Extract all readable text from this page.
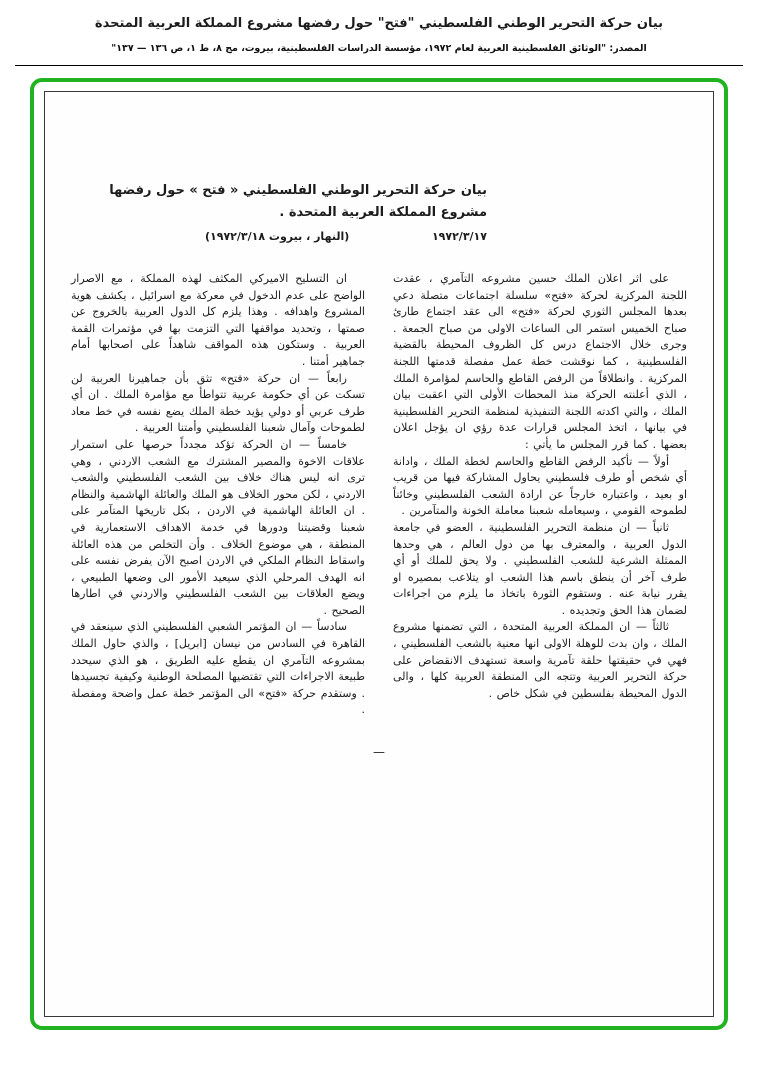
بيان حركة التحرير الوطني الفلسطيني "فتح" حول رفضها مشروع المملكة العربية المتحدة
المصدر: "الوثائق الفلسطينية العربية لعام ١٩٧٢، مؤسسة الدراسات الفلسطينية، بيروت، مج ٨، ط ١، ص ١٣٦ — ١٣٧"
بيان حركة التحرير الوطني الفلسطيني « فتح » حول رفضها
مشروع المملكة العربية المتحدة .
١٩٧٢/٣/١٧
(النهار ، بيروت ١٩٧٢/٣/١٨)

على اثر اعلان الملك حسين مشروعه التآمري ، عقدت اللجنة المركزية لحركة «فتح» سلسلة اجتماعات متصلة دعي بعدها المجلس الثوري لحركة «فتح» الى عقد اجتماع طارئ صباح الخميس استمر الى الساعات الاولى من صباح الجمعة . وجرى خلال الاجتماع درس كل الظروف المحيطة بالقضية الفلسطينية ، كما نوقشت خطة عمل مفصلة قدمتها اللجنة المركزية . وانطلاقاً من الرفض القاطع والحاسم لمؤامرة الملك ، الذي أعلنته الحركة منذ المحطات الأولى التي اعقبت بيان الملك ، والتي اكدته اللجنة التنفيذية لمنظمة التحرير الفلسطينية في بيانها ، اتخذ المجلس قرارات عدة رؤي ان يؤجل اعلان بعضها . كما قرر المجلس ما يأتي :

أولاً — تأكيد الرفض القاطع والحاسم لخطة الملك ، وادانة أي شخص أو طرف فلسطيني يحاول المشاركة فيها من قريب او بعيد ، واعتباره خارجاً عن ارادة الشعب الفلسطيني وخائناً لطموحه القومي ، وسيعامله شعبنا معاملة الخونة والمتآمرين .

ثانياً — ان منظمة التحرير الفلسطينية ، العضو في جامعة الدول العربية ، والمعترف بها من دول العالم ، هي وحدها الممثلة الشرعية للشعب الفلسطيني . ولا يحق للملك أو أي طرف آخر أن ينطق باسم هذا الشعب او يتلاعب بمصيره او يقرر نيابة عنه . وستقوم الثورة باتخاذ ما يلزم من اجراءات لضمان هذا الحق وتجديده .

ثالثاً — ان المملكة العربية المتحدة ، التي تضمنها مشروع الملك ، وان بدت للوهلة الاولى انها معنية بالشعب الفلسطيني ، فهي في حقيقتها حلقة تآمرية واسعة تستهدف الانقضاض على حركة التحرير العربية وتتجه الى المنطقة العربية كلها ، والى الدول المحيطة بفلسطين في شكل خاص .

ان التسليح الاميركي المكثف لهذه المملكة ، مع الاصرار الواضح على عدم الدخول في معركة مع اسرائيل ، يكشف هوية المشروع واهدافه . وهذا يلزم كل الدول العربية بالخروج عن صمتها ، وتحديد مواقفها التي التزمت بها في مؤتمرات القمة العربية . وستكون هذه المواقف شاهداً على اصحابها أمام جماهير أمتنا .

رابعاً — ان حركة «فتح» تثق بأن جماهيرنا العربية لن تسكت عن أي حكومة عربية تتواطأ مع مؤامرة الملك . ان أي طرف عربي أو دولي يؤيد خطة الملك يضع نفسه في خط معاد لطموحات وآمال شعبنا الفلسطيني وأمتنا العربية .

خامساً — ان الحركة تؤكد مجدداً حرصها على استمرار علاقات الاخوة والمصير المشترك مع الشعب الاردني ، وهي ترى انه ليس هناك خلاف بين الشعب الفلسطيني والشعب الاردني ، لكن محور الخلاف هو الملك والعائلة الهاشمية والنظام . ان العائلة الهاشمية في الاردن ، بكل تاريخها المتآمر على شعبنا وقضيتنا ودورها في خدمة الاهداف الاستعمارية في المنطقة ، هي موضوع الخلاف . وأن التخلص من هذه العائلة واسقاط النظام الملكي في الاردن اصبح الآن يفرض نفسه على انه الهدف المرحلي الذي سيعيد الأمور الى وضعها الطبيعي ، ويضع العلاقات بين الشعب الفلسطيني والاردني في اطارها الصحيح .

سادساً — ان المؤتمر الشعبي الفلسطيني الذي سينعقد في القاهرة في السادس من نيسان [ابريل] ، والذي حاول الملك بمشروعه التآمري ان يقطع عليه الطريق ، هو الذي سيحدد طبيعة الاجراءات التي تقتضيها المصلحة الوطنية وكيفية تجسيدها . وستقدم حركة «فتح» الى المؤتمر خطة عمل واضحة ومفصلة .

—
